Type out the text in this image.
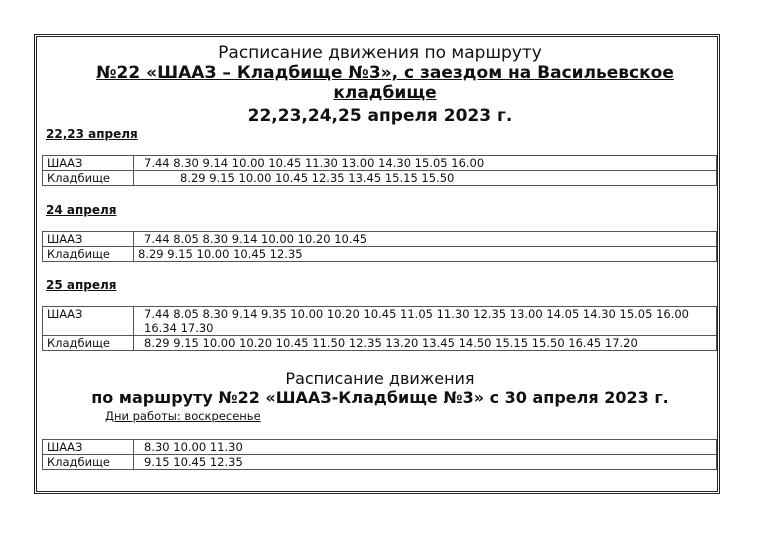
Расписание движения по маршруту
№22 «ШААЗ – Кладбище №3», с заездом на Васильевское кладбище
22,23,24,25 апреля 2023 г.
22,23 апреля
ШААЗ	7.44 8.30 9.14 10.00 10.45 11.30 13.00 14.30 15.05 16.00
Кладбище	8.29 9.15 10.00 10.45 12.35 13.45 15.15 15.50
24 апреля
ШААЗ	7.44 8.05 8.30 9.14 10.00 10.20 10.45
Кладбище	8.29 9.15 10.00 10.45 12.35
25 апреля
ШААЗ	7.44 8.05 8.30 9.14 9.35 10.00 10.20 10.45 11.05 11.30 12.35 13.00 14.05 14.30 15.05 16.00 16.34 17.30
Кладбище	8.29 9.15 10.00 10.20 10.45 11.50 12.35 13.20 13.45 14.50 15.15 15.50 16.45 17.20
Расписание движения
по маршруту №22 «ШААЗ-Кладбище №3» с 30 апреля 2023 г.
Дни работы: воскресенье
ШААЗ	8.30 10.00 11.30
Кладбище	9.15 10.45 12.35
